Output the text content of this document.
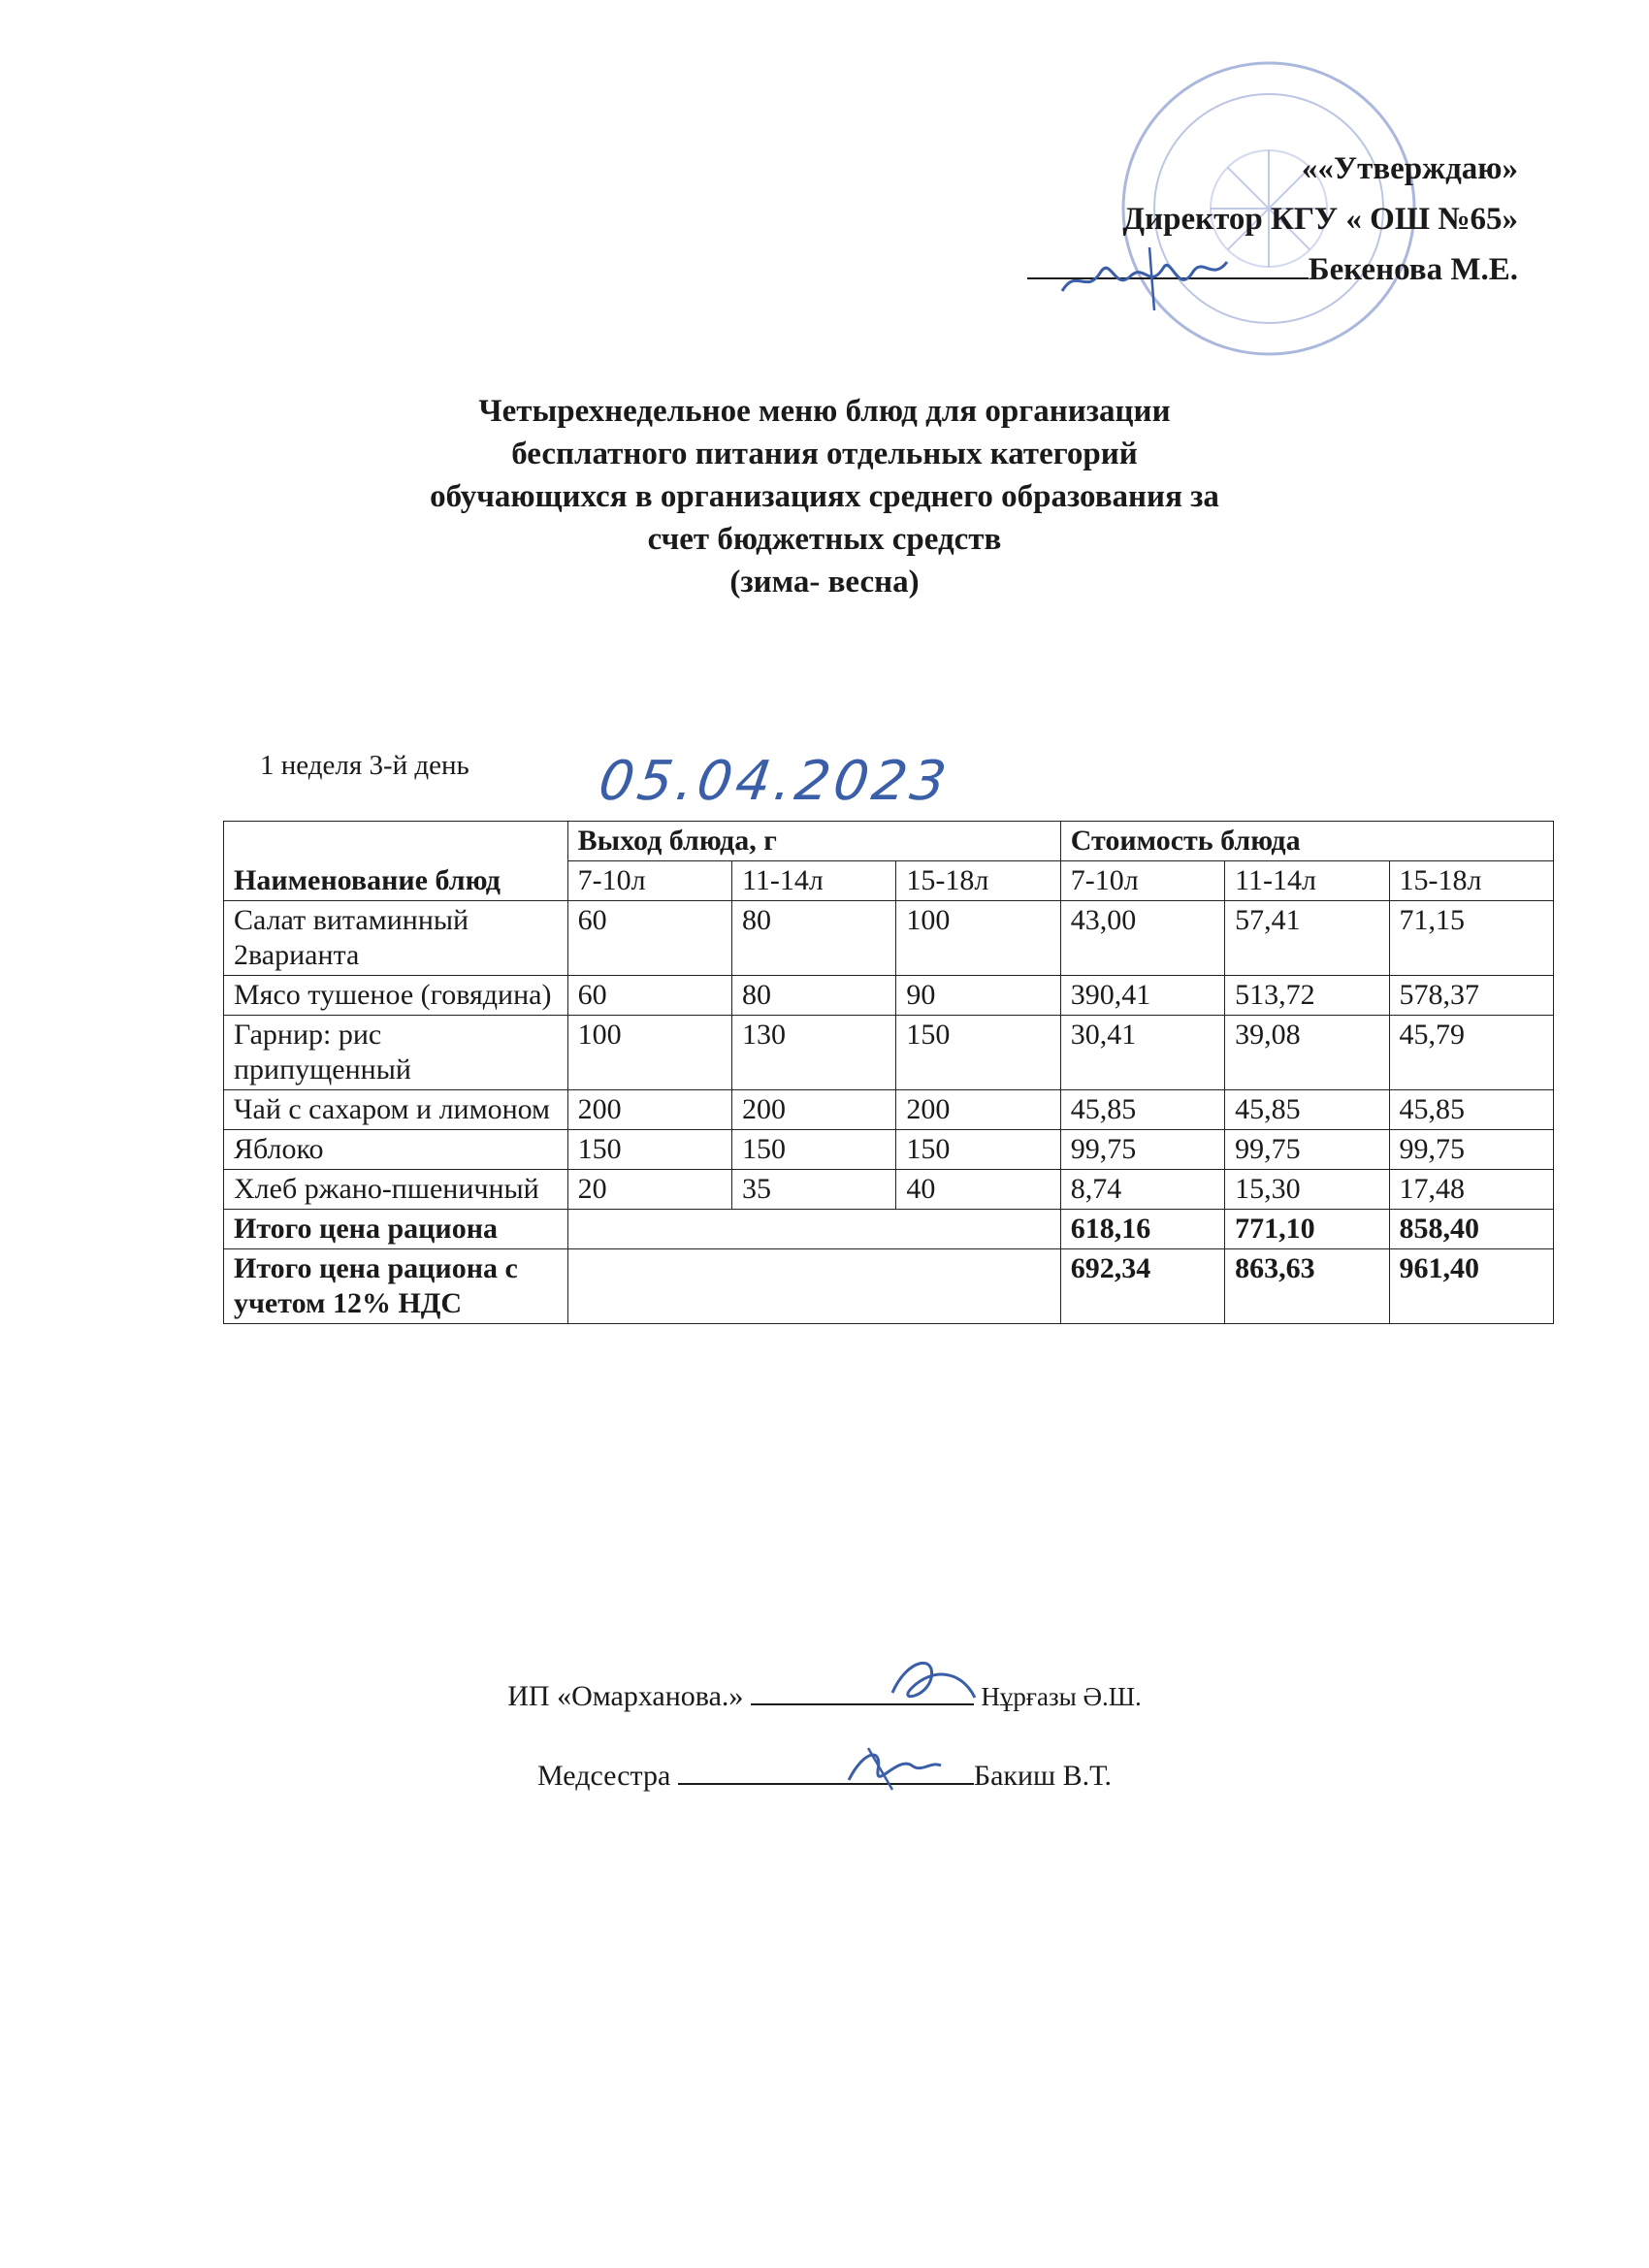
««Утверждаю»
Директор КГУ « ОШ №65»
Бекенова М.Е.
Четырехнедельное меню блюд для организации
бесплатного питания отдельных категорий
обучающихся в организациях среднего образования за
счет бюджетных средств
(зима- весна)
1 неделя 3-й день 05.04.2023
Наименование блюд	Выход блюда, г			Стоимость блюда		
	7-10л	11-14л	15-18л	7-10л	11-14л	15-18л
Салат витаминный 2варианта	60	80	100	43,00	57,41	71,15
Мясо тушеное (говядина)	60	80	90	390,41	513,72	578,37
Гарнир: рис припущенный	100	130	150	30,41	39,08	45,79
Чай с сахаром и лимоном	200	200	200	45,85	45,85	45,85
Яблоко	150	150	150	99,75	99,75	99,75
Хлеб ржано-пшеничный	20	35	40	8,74	15,30	17,48
Итого цена рациона				618,16	771,10	858,40
Итого цена рациона с учетом 12% НДС				692,34	863,63	961,40
ИП «Омарханова.»	Нұрғазы Ә.Ш.
Медсестра	Бакиш В.Т.
